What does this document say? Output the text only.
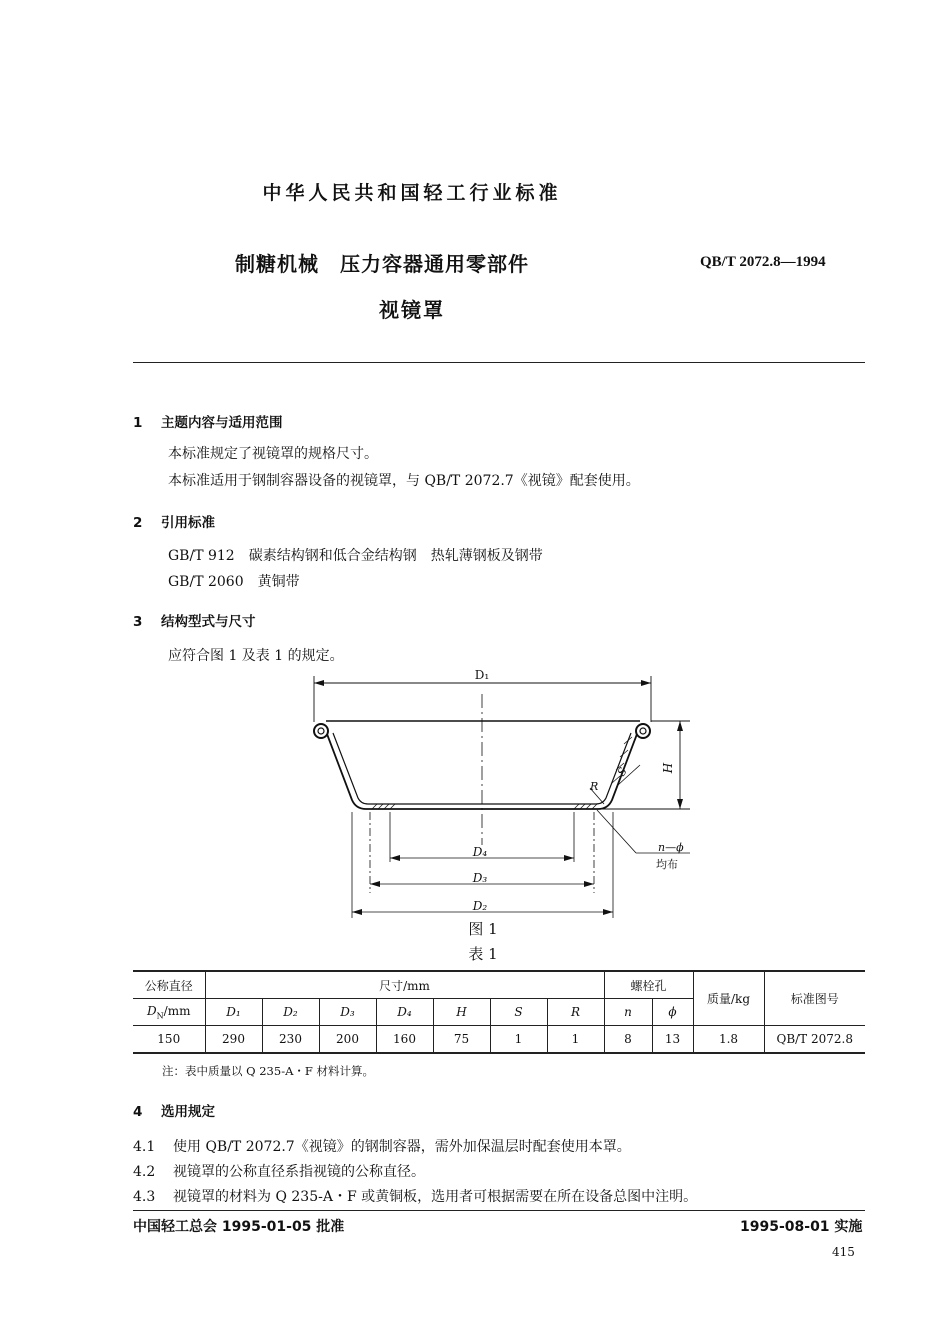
中华人民共和国轻工行业标准
制糖机械　压力容器通用零部件	QB/T 2072.8—1994
视镜罩
1 主题内容与适用范围
本标准规定了视镜罩的规格尺寸。
本标准适用于钢制容器设备的视镜罩，与 QB/T 2072.7《视镜》配套使用。
2 引用标准
GB/T 912　碳素结构钢和低合金结构钢　热轧薄钢板及钢带
GB/T 2060　黄铜带
3 结构型式与尺寸
应符合图 1 及表 1 的规定。
D₁
D₄
D₃
D₂
H
S
R
n—ϕ
均布
图 1
表 1
公称直径	尺寸/mm							螺栓孔		质量/kg	标准图号
$D_N/mm$	D₁	D₂	D₃	D₄	H	S	R	n	ϕ		
150	290	230	200	160	75	1	1	8	13	1.8	QB/T 2072.8
注：表中质量以 Q 235-A・F 材料计算。
4 选用规定
4.1 使用 QB/T 2072.7《视镜》的钢制容器，需外加保温层时配套使用本罩。
4.2 视镜罩的公称直径系指视镜的公称直径。
4.3 视镜罩的材料为 Q 235-A・F 或黄铜板，选用者可根据需要在所在设备总图中注明。
中国轻工总会 1995-01-05 批准	1995-08-01 实施
415
